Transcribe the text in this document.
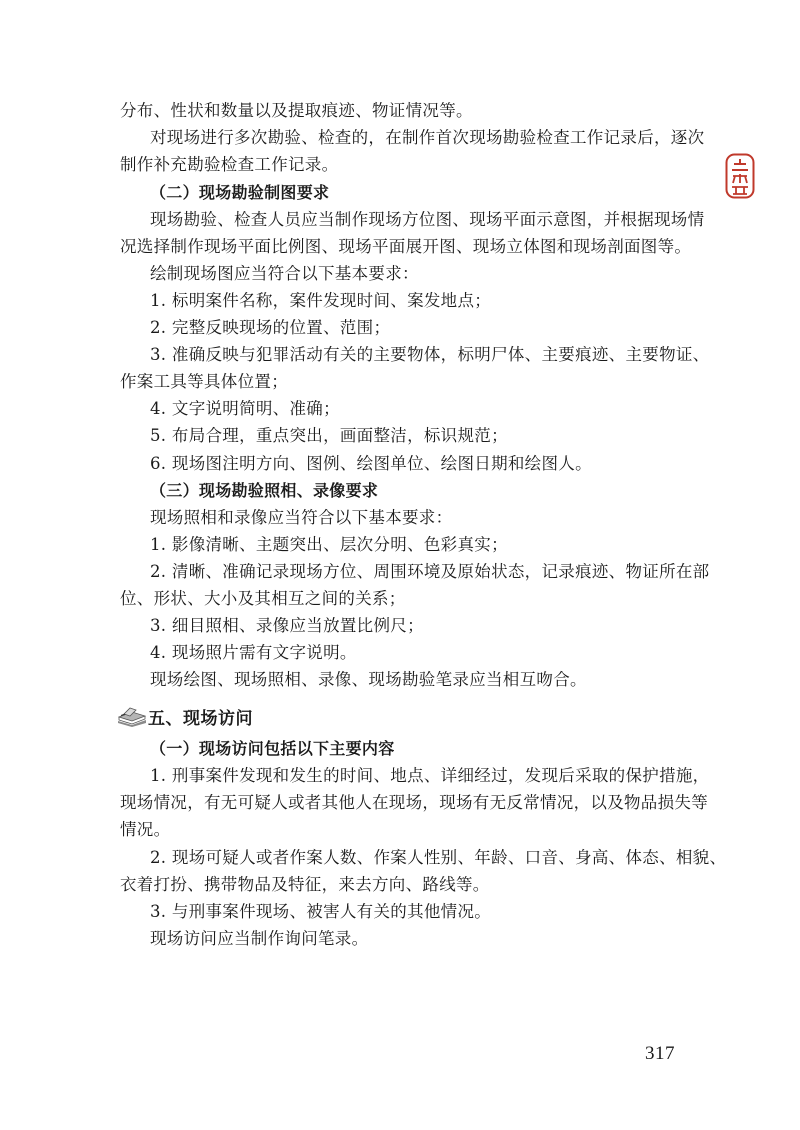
分布、性状和数量以及提取痕迹、物证情况等。
对现场进行多次勘验、检查的，在制作首次现场勘验检查工作记录后，逐次
制作补充勘验检查工作记录。
（二）现场勘验制图要求
现场勘验、检查人员应当制作现场方位图、现场平面示意图，并根据现场情
况选择制作现场平面比例图、现场平面展开图、现场立体图和现场剖面图等。
绘制现场图应当符合以下基本要求：
1. 标明案件名称，案件发现时间、案发地点；
2. 完整反映现场的位置、范围；
3. 准确反映与犯罪活动有关的主要物体，标明尸体、主要痕迹、主要物证、
作案工具等具体位置；
4. 文字说明简明、准确；
5. 布局合理，重点突出，画面整洁，标识规范；
6. 现场图注明方向、图例、绘图单位、绘图日期和绘图人。
（三）现场勘验照相、录像要求
现场照相和录像应当符合以下基本要求：
1. 影像清晰、主题突出、层次分明、色彩真实；
2. 清晰、准确记录现场方位、周围环境及原始状态，记录痕迹、物证所在部
位、形状、大小及其相互之间的关系；
3. 细目照相、录像应当放置比例尺；
4. 现场照片需有文字说明。
现场绘图、现场照相、录像、现场勘验笔录应当相互吻合。
五、现场访问
（一）现场访问包括以下主要内容
1. 刑事案件发现和发生的时间、地点、详细经过，发现后采取的保护措施，
现场情况，有无可疑人或者其他人在现场，现场有无反常情况，以及物品损失等
情况。
2. 现场可疑人或者作案人数、作案人性别、年龄、口音、身高、体态、相貌、
衣着打扮、携带物品及特征，来去方向、路线等。
3. 与刑事案件现场、被害人有关的其他情况。
现场访问应当制作询问笔录。
317
